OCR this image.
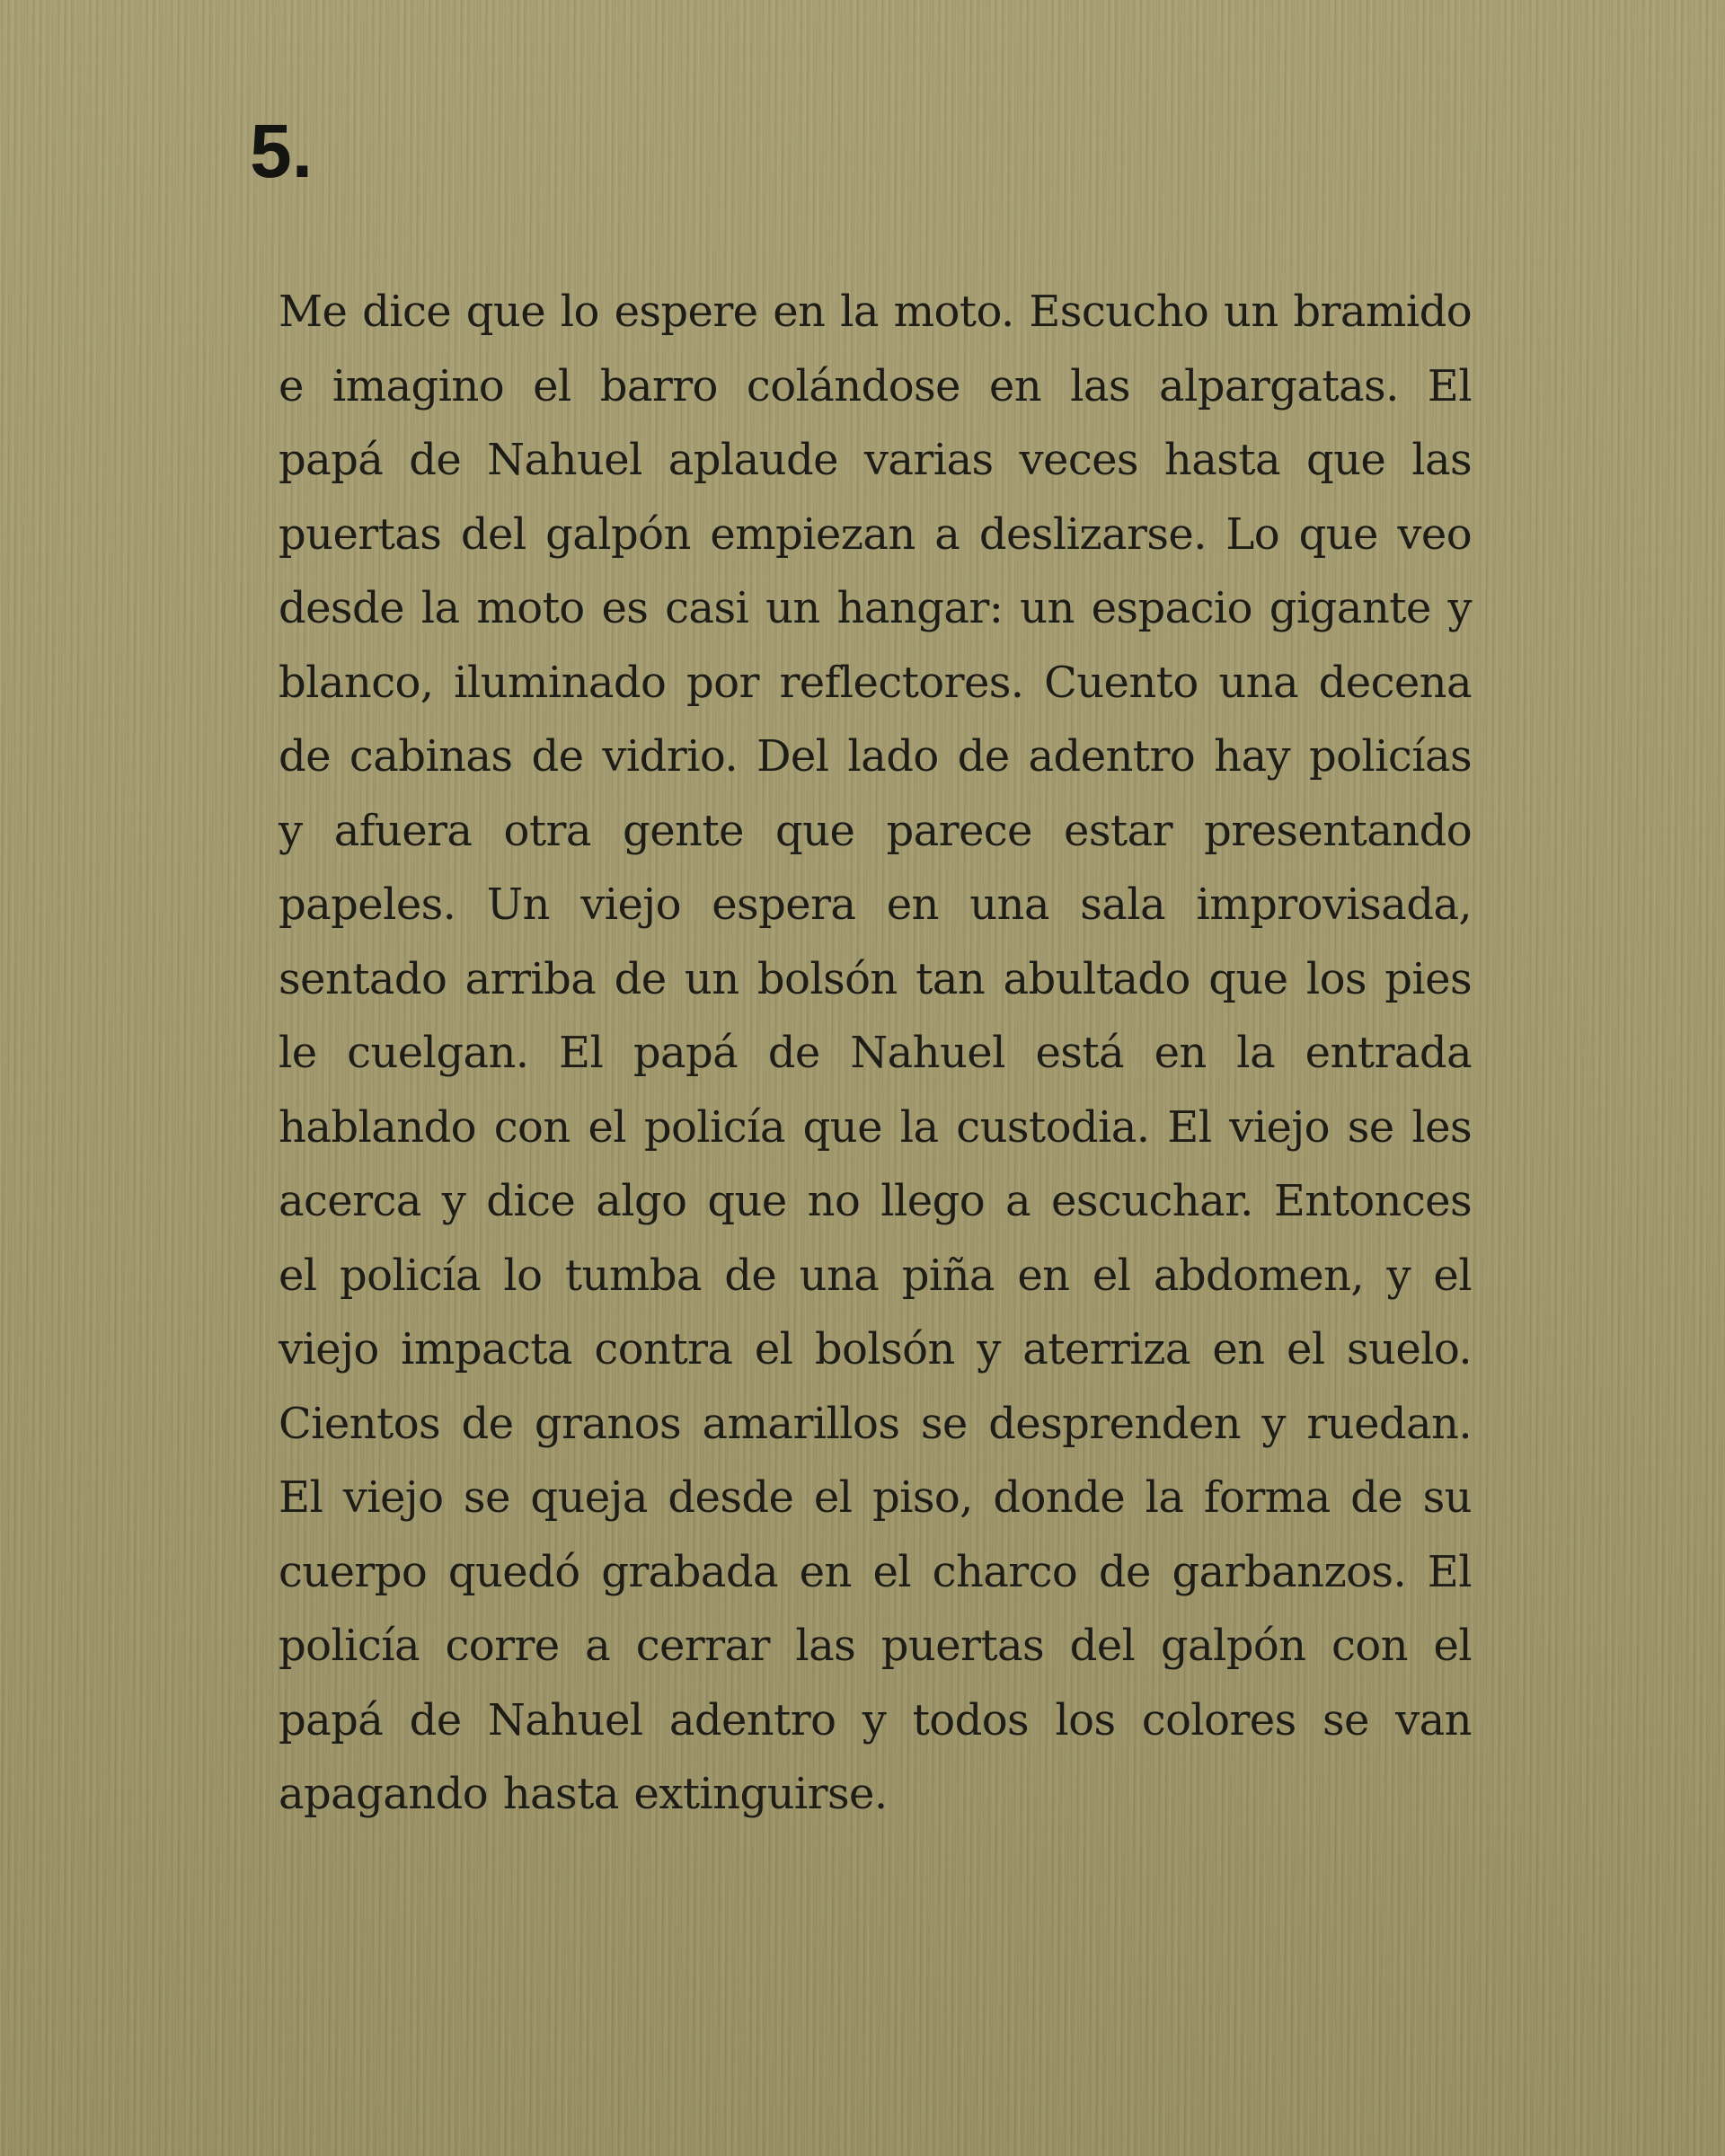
5.

Me dice que lo espere en la moto. Escucho un bramido e imagino el barro colándose en las alpargatas. El papá de Nahuel aplaude varias veces hasta que las puertas del galpón empiezan a deslizarse. Lo que veo desde la moto es casi un hangar: un espacio gigante y blanco, iluminado por reflectores. Cuento una decena de cabinas de vidrio. Del lado de adentro hay policías y afuera otra gente que parece estar presentando papeles. Un viejo espera en una sala improvisada, sentado arriba de un bolsón tan abultado que los pies le cuelgan. El papá de Nahuel está en la entrada hablando con el policía que la custodia. El viejo se les acerca y dice algo que no llego a escuchar. Entonces el policía lo tumba de una piña en el abdomen, y el viejo impacta contra el bolsón y aterriza en el suelo. Cientos de granos amarillos se desprenden y ruedan. El viejo se queja desde el piso, donde la forma de su cuerpo quedó grabada en el charco de garbanzos. El policía corre a cerrar las puertas del galpón con el papá de Nahuel adentro y todos los colores se van apagando hasta extinguirse.
